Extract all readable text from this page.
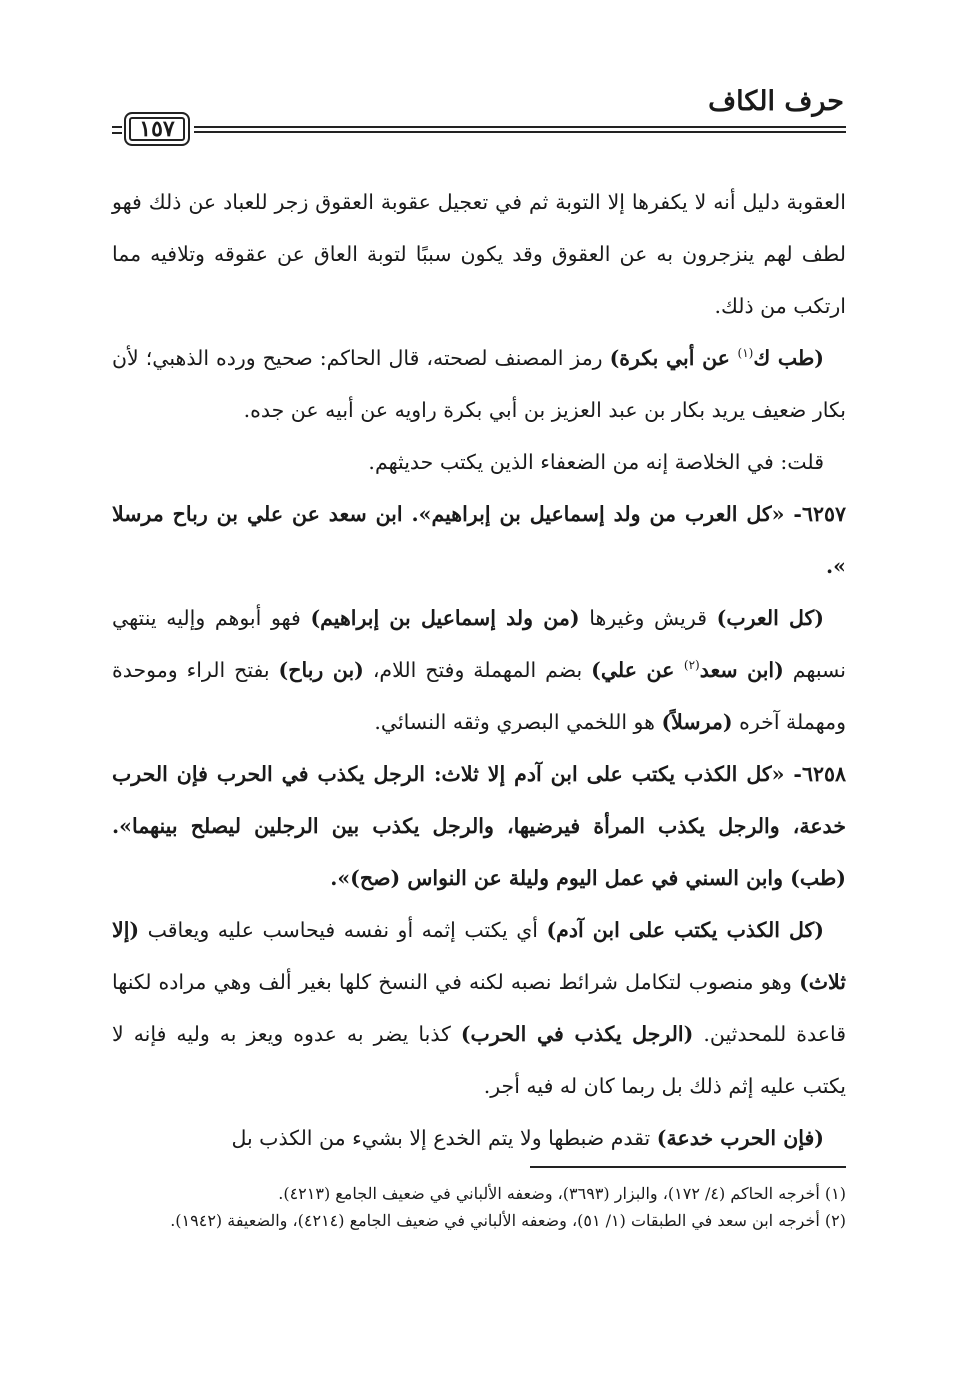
حرف الكاف
١٥٧

العقوبة دليل أنه لا يكفرها إلا التوبة ثم في تعجيل عقوبة العقوق زجر للعباد عن ذلك فهو لطف لهم ينزجرون به عن العقوق وقد يكون سببًا لتوبة العاق عن عقوقه وتلافيه مما ارتكب من ذلك.

(طب ك$^{(١)}$ عن أبي بكرة) رمز المصنف لصحته، قال الحاكم: صحيح ورده الذهبي؛ لأن بكار ضعيف يريد بكار بن عبد العزيز بن أبي بكرة راويه عن أبيه عن جده.

قلت: في الخلاصة إنه من الضعفاء الذين يكتب حديثهم.

٦٢٥٧- «كل العرب من ولد إسماعيل بن إبراهيم». ابن سعد عن علي بن رباح مرسلا ».

(كل العرب) قريش وغيرها (من ولد إسماعيل بن إبراهيم) فهو أبوهم وإليه ينتهي نسبهم (ابن سعد$^{(٢)}$ عن علي) بضم المهملة وفتح اللام، (بن رباح) بفتح الراء وموحدة ومهملة آخره (مرسلاً) هو اللخمي البصري وثقه النسائي.

٦٢٥٨- «كل الكذب يكتب على ابن آدم إلا ثلاث: الرجل يكذب في الحرب فإن الحرب خدعة، والرجل يكذب المرأة فيرضيها، والرجل يكذب بين الرجلين ليصلح بينهما». (طب) وابن السني في عمل اليوم وليلة عن النواس (صح)».

(كل الكذب يكتب على ابن آدم) أي يكتب إثمه أو نفسه فيحاسب عليه ويعاقب (إلا ثلاث) وهو منصوب لتكامل شرائط نصبه لكنه في النسخ كلها بغير ألف وهي مراده لكنها قاعدة للمحدثين. (الرجل يكذب في الحرب) كذبا يضر به عدوه ويعز به وليه فإنه لا يكتب عليه إثم ذلك بل ربما كان له فيه أجر.

(فإن الحرب خدعة) تقدم ضبطها ولا يتم الخدع إلا بشيء من الكذب بل

(١) أخرجه الحاكم (٤/ ١٧٢)، والبزار (٣٦٩٣)، وضعفه الألباني في ضعيف الجامع (٤٢١٣).

(٢) أخرجه ابن سعد في الطبقات (١/ ٥١)، وضعفه الألباني في ضعيف الجامع (٤٢١٤)، والضعيفة (١٩٤٢).
